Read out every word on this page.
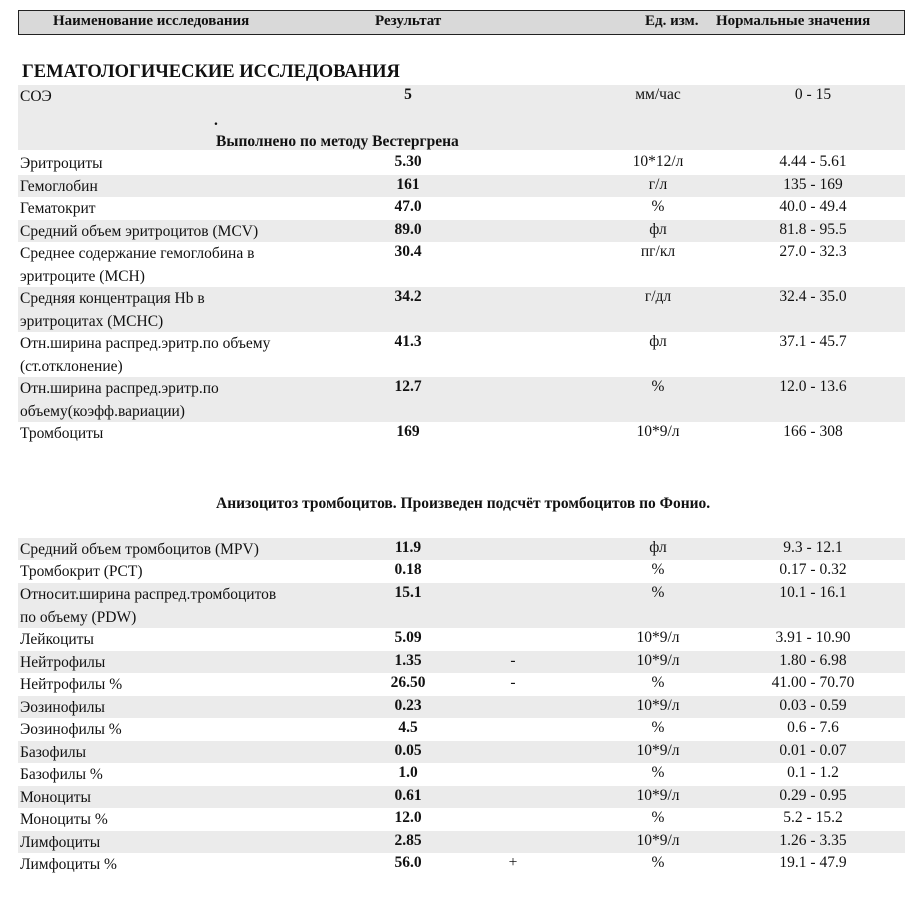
Наименование исследования	Результат	Ед. изм. Нормальные значения
ГЕМАТОЛОГИЧЕСКИЕ ИССЛЕДОВАНИЯ
СОЭ	5	мм/час	0 - 15
Эритроциты	5.30	10*12/л	4.44 - 5.61
Гемоглобин	161	г/л	135 - 169
Гематокрит	47.0	%	40.0 - 49.4
Средний объем эритроцитов (MCV)	89.0	фл	81.8 - 95.5
Среднее содержание гемоглобина в
эритроците (MCH)
30.4	пг/кл	27.0 - 32.3
Средняя концентрация Hb в
эритроцитах (MCHC)
34.2	г/дл	32.4 - 35.0
Отн.ширина распред.эритр.по объему
(ст.отклонение)
41.3	фл	37.1 - 45.7
Отн.ширина распред.эритр.по
объему(коэфф.вариации)
12.7	%	12.0 - 13.6
Тромбоциты	169	10*9/л	166 - 308
Средний объем тромбоцитов (MPV)	11.9	фл	9.3 - 12.1
Тромбокрит (PCT)	0.18	%	0.17 - 0.32
Относит.ширина распред.тромбоцитов
по объему (PDW)
15.1	%	10.1 - 16.1
Лейкоциты	5.09	10*9/л	3.91 - 10.90
Нейтрофилы	1.35	-	10*9/л	1.80 - 6.98
Нейтрофилы %	26.50	-	%	41.00 - 70.70
Эозинофилы	0.23	10*9/л	0.03 - 0.59
Эозинофилы %	4.5	%	0.6 - 7.6
Базофилы	0.05	10*9/л	0.01 - 0.07
Базофилы %	1.0	%	0.1 - 1.2
Моноциты	0.61	10*9/л	0.29 - 0.95
Моноциты %	12.0	%	5.2 - 15.2
Лимфоциты	2.85	10*9/л	1.26 - 3.35
Лимфоциты %	56.0	+	%	19.1 - 47.9
.
Выполнено по методу Вестергрена
Анизоцитоз тромбоцитов. Произведен подсчёт тромбоцитов по Фонио.
